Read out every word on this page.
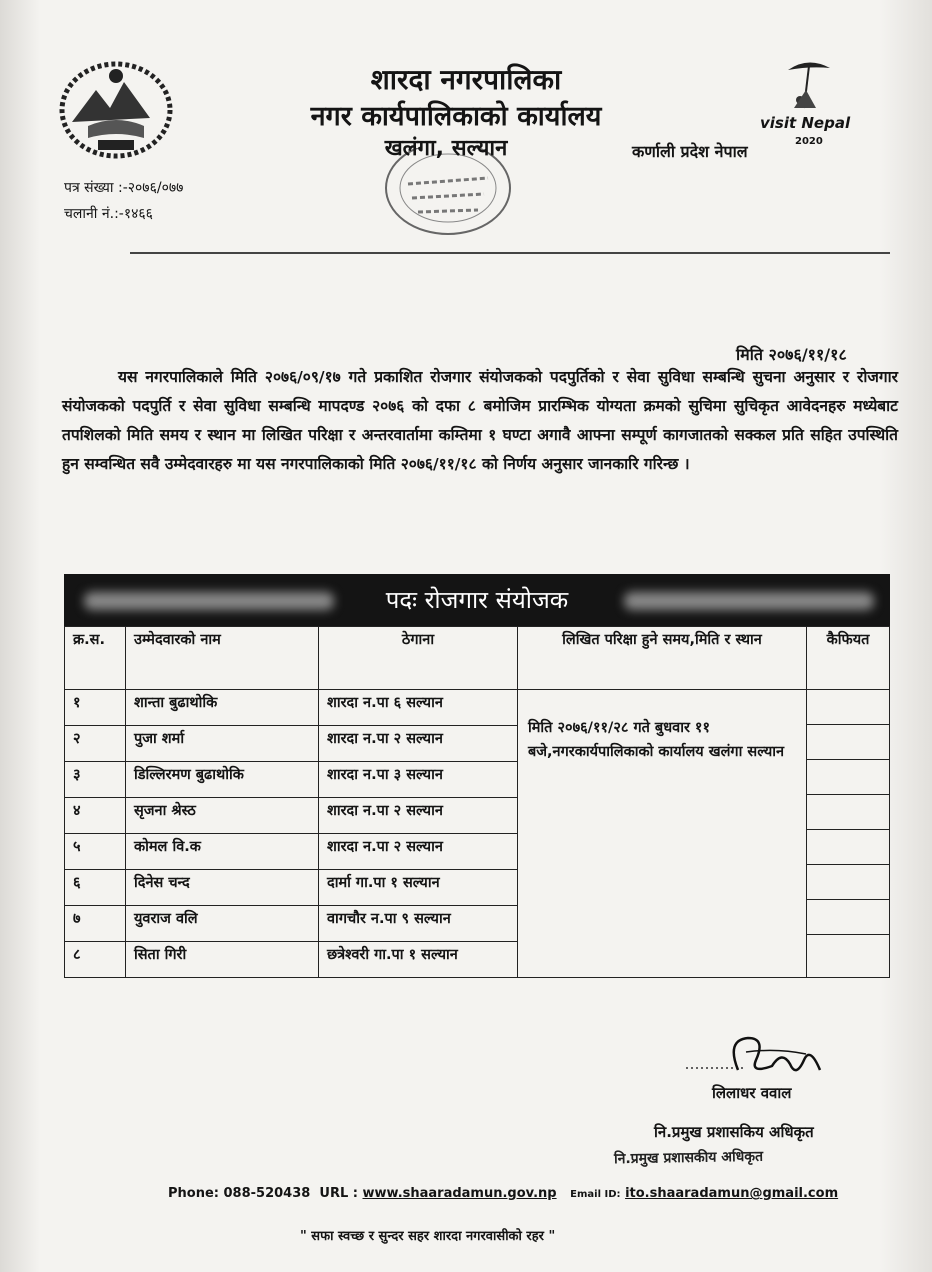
visit Nepal
2020
शारदा नगरपालिका
नगर कार्यपालिकाको कार्यालय
खलंगा, सल्यान	कर्णाली प्रदेश नेपाल
पत्र संख्या :-२०७६/०७७
चलानी नं.:-१४६६
मिति २०७६/११/१८
यस नगरपालिकाले मिति २०७६/०९/१७ गते प्रकाशित रोजगार संयोजकको पदपुर्तिको र सेवा सुविधा सम्बन्धि सुचना अनुसार र रोजगार संयोजकको पदपुर्ति र सेवा सुविधा सम्बन्धि मापदण्ड २०७६ को दफा ८ बमोजिम प्रारम्भिक योग्यता क्रमको सुचिमा सुचिकृत आवेदनहरु मध्येबाट तपशिलको मिति समय र स्थान मा लिखित परिक्षा र अन्तरवार्तामा कम्तिमा १ घण्टा अगावै आफ्ना सम्पूर्ण कागजातको सक्कल प्रति सहित उपस्थिति हुन सम्वन्धित सवै उम्मेदवारहरु मा यस नगरपालिकाको मिति २०७६/११/१८ को निर्णय अनुसार जानकारि गरिन्छ ।
पदः रोजगार संयोजक
क्र.स.	उम्मेदवारको नाम	ठेगाना	लिखित परिक्षा हुने समय,मिति र स्थान	कैफियत
१	शान्ता बुढाथोकि	शारदा न.पा ६ सल्यान	मिति २०७६/११/२८ गते बुधवार ११ बजे,नगरकार्यपालिकाको कार्यालय खलंगा सल्यान	

२	पुजा शर्मा	शारदा न.पा २ सल्यान		
३	डिल्लिरमण बुढाथोकि	शारदा न.पा ३ सल्यान		
४	सृजना श्रेस्ठ	शारदा न.पा २ सल्यान		
५	कोमल वि.क	शारदा न.पा २ सल्यान		
६	दिनेस चन्द	दार्मा गा.पा १ सल्यान		
७	युवराज वलि	वागचौर न.पा ९ सल्यान		
८	सिता गिरी	छत्रेश्वरी गा.पा १ सल्यान		
लिलाधर ववाल
नि.प्रमुख प्रशासकिय अधिकृत
नि.प्रमुख प्रशासकीय अधिकृत
Phone: 088-520438 URL : www.shaaradamun.gov.np Email ID: ito.shaaradamun@gmail.com
" सफा स्वच्छ र सुन्दर सहर शारदा नगरवासीको रहर "
